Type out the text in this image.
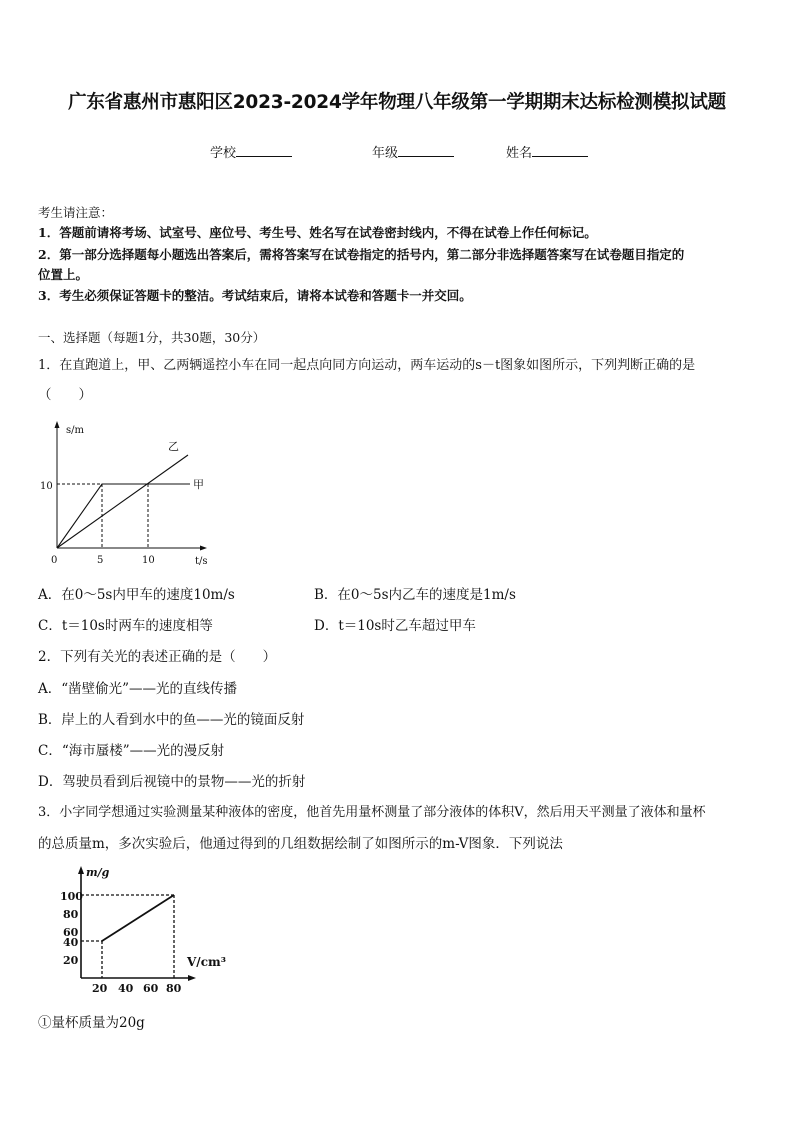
广东省惠州市惠阳区2023-2024学年物理八年级第一学期期末达标检测模拟试题
学校	年级	姓名
考生请注意：
1．答题前请将考场、试室号、座位号、考生号、姓名写在试卷密封线内，不得在试卷上作任何标记。
2．第一部分选择题每小题选出答案后，需将答案写在试卷指定的括号内，第二部分非选择题答案写在试卷题目指定的
位置上。
3．考生必须保证答题卡的整洁。考试结束后，请将本试卷和答题卡一并交回。
一、选择题（每题1分，共30题，30分）
1．在直跑道上，甲、乙两辆遥控小车在同一起点向同方向运动，两车运动的s－t图象如图所示，下列判断正确的是
（　　）
s/m
t/s
0	5	10
10	甲
乙
A．在0～5s内甲车的速度10m/s	B．在0～5s内乙车的速度是1m/s
C．t＝10s时两车的速度相等	D．t＝10s时乙车超过甲车
2．下列有关光的表述正确的是（　　）
A．“凿壁偷光”——光的直线传播
B．岸上的人看到水中的鱼——光的镜面反射
C．“海市蜃楼”——光的漫反射
D．驾驶员看到后视镜中的景物——光的折射
3．小字同学想通过实验测量某种液体的密度，他首先用量杯测量了部分液体的体积V，然后用天平测量了液体和量杯
的总质量m，多次实验后，他通过得到的几组数据绘制了如图所示的m-V图象．下列说法
m/g
V/cm³
100
80
60
40
20
20 40 60 80
①量杯质量为20g
